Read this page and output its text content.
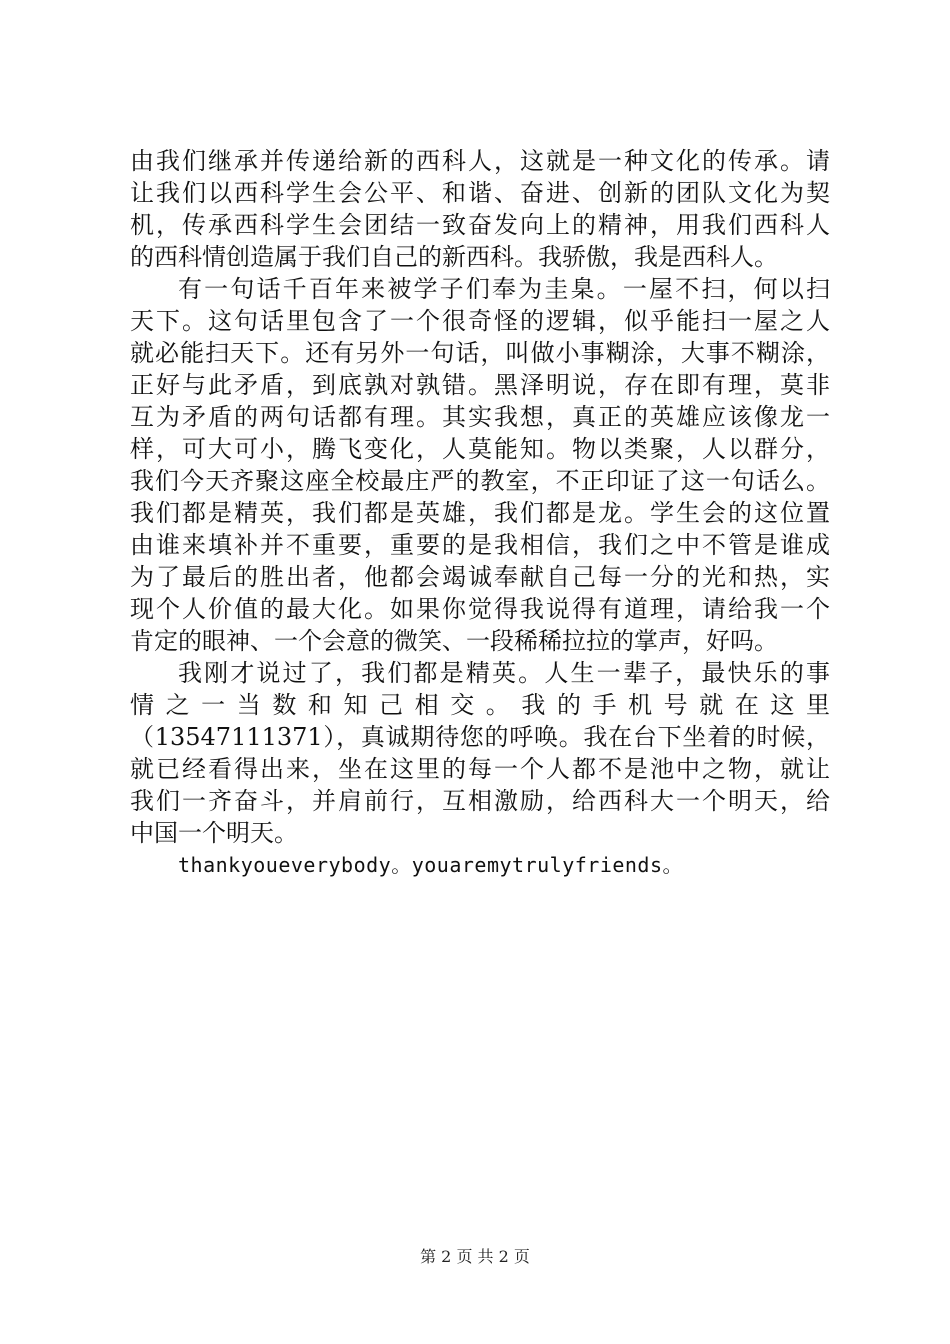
由我们继承并传递给新的西科人，这就是一种文化的传承。请
让我们以西科学生会公平、和谐、奋进、创新的团队文化为契
机，传承西科学生会团结一致奋发向上的精神，用我们西科人
的西科情创造属于我们自己的新西科。我骄傲，我是西科人。
有一句话千百年来被学子们奉为圭臬。一屋不扫，何以扫
天下。这句话里包含了一个很奇怪的逻辑，似乎能扫一屋之人
就必能扫天下。还有另外一句话，叫做小事糊涂，大事不糊涂，
正好与此矛盾，到底孰对孰错。黑泽明说，存在即有理，莫非
互为矛盾的两句话都有理。其实我想，真正的英雄应该像龙一
样，可大可小，腾飞变化，人莫能知。物以类聚，人以群分，
我们今天齐聚这座全校最庄严的教室，不正印证了这一句话么。
我们都是精英，我们都是英雄，我们都是龙。学生会的这位置
由谁来填补并不重要，重要的是我相信，我们之中不管是谁成
为了最后的胜出者，他都会竭诚奉献自己每一分的光和热，实
现个人价值的最大化。如果你觉得我说得有道理，请给我一个
肯定的眼神、一个会意的微笑、一段稀稀拉拉的掌声，好吗。
我刚才说过了，我们都是精英。人生一辈子，最快乐的事
情之一当数和知己相交。我的手机号就在这里
（13547111371），真诚期待您的呼唤。我在台下坐着的时候，
就已经看得出来，坐在这里的每一个人都不是池中之物，就让
我们一齐奋斗，并肩前行，互相激励，给西科大一个明天，给
中国一个明天。
thankyoueverybody。youaremytrulyfriends。
第 2 页 共 2 页
